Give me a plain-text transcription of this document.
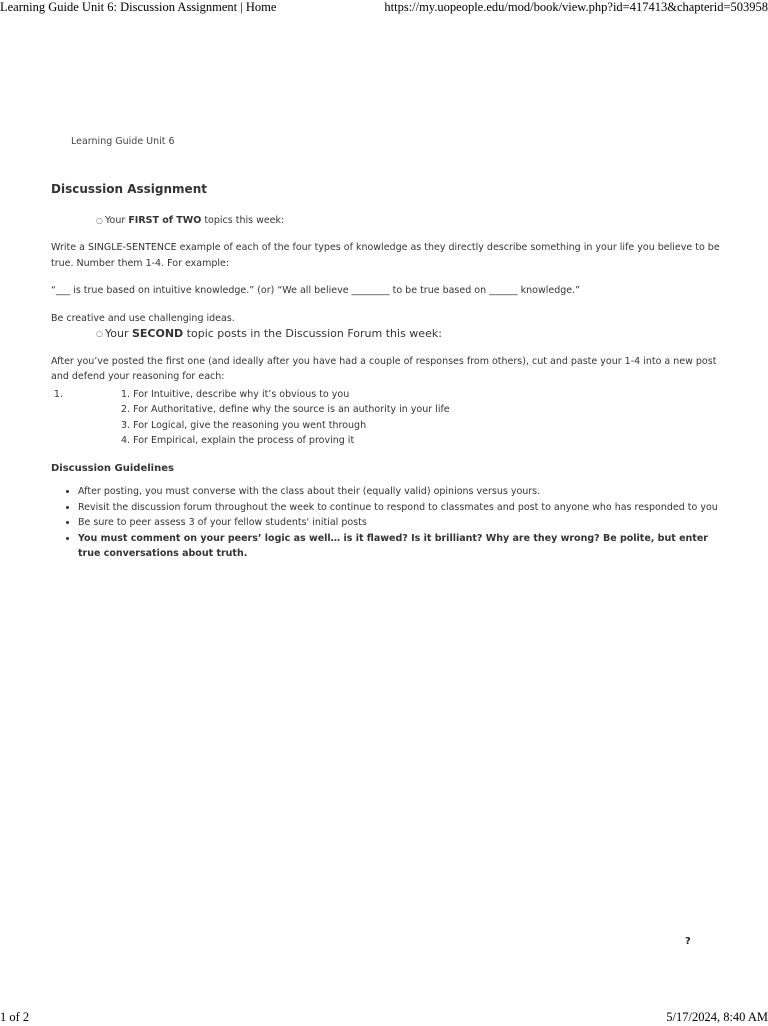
Learning Guide Unit 6: Discussion Assignment | Home	https://my.uopeople.edu/mod/book/view.php?id=417413&chapterid=503958
Learning Guide Unit 6
Discussion Assignment
○ Your FIRST of TWO topics this week:

Write a SINGLE-SENTENCE example of each of the four types of knowledge as they directly describe something in your life you believe to be true. Number them 1-4. For example:

“___ is true based on intuitive knowledge.” (or) “We all believe ________ to be true based on ______ knowledge.”

Be creative and use challenging ideas.

○ Your SECOND topic posts in the Discussion Forum this week:

After you’ve posted the first one (and ideally after you have had a couple of responses from others), cut and paste your 1-4 into a new post and defend your reasoning for each:

1. 1. For Intuitive, describe why it’s obvious to you
2. For Authoritative, define why the source is an authority in your life
3. For Logical, give the reasoning you went through
4. For Empirical, explain the process of proving it
Discussion Guidelines
• After posting, you must converse with the class about their (equally valid) opinions versus yours.
• Revisit the discussion forum throughout the week to continue to respond to classmates and post to anyone who has responded to you
• Be sure to peer assess 3 of your fellow students' initial posts
• You must comment on your peers’ logic as well… is it flawed? Is it brilliant? Why are they wrong? Be polite, but enter true conversations about truth.
?
1 of 2	5/17/2024, 8:40 AM
